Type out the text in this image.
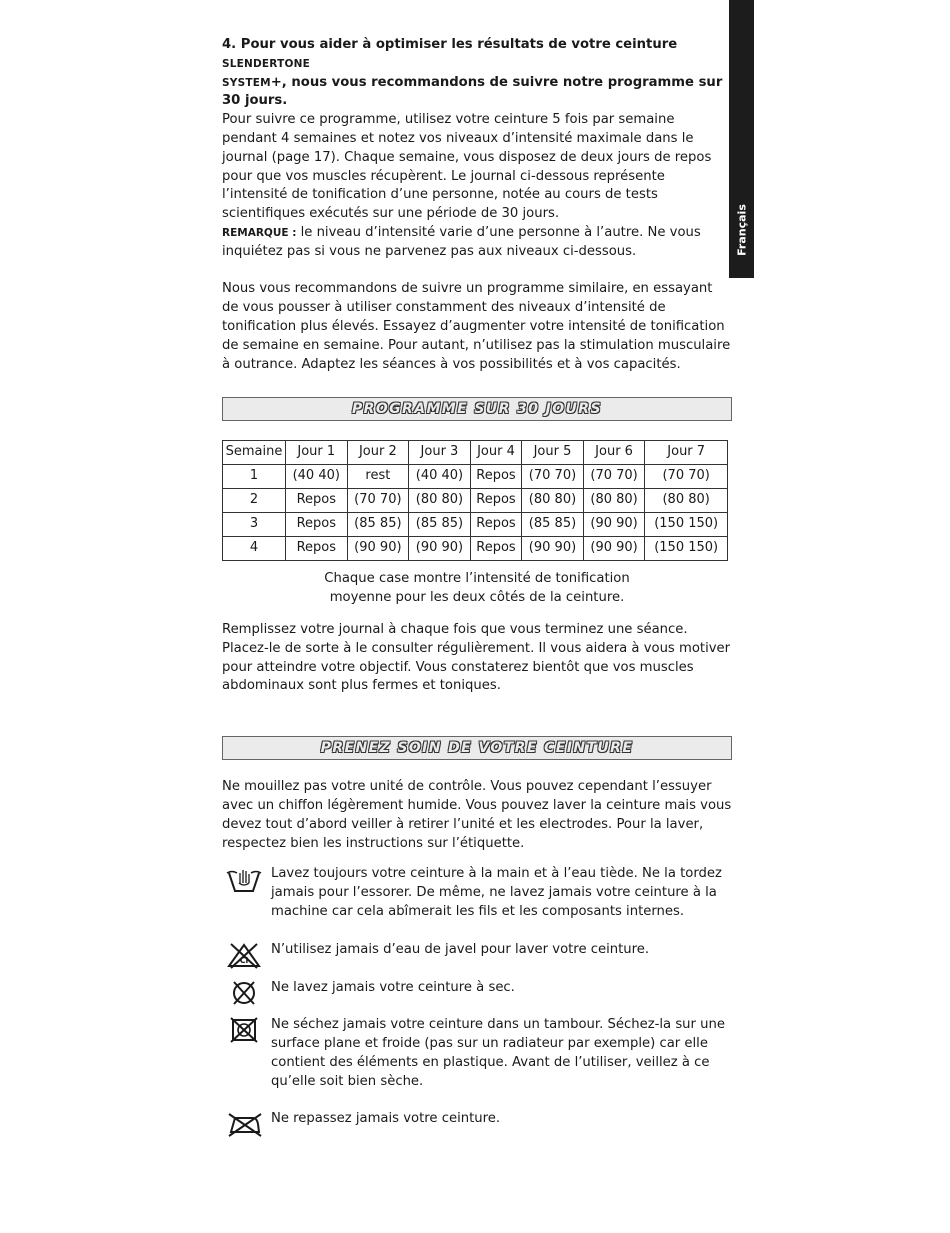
Français

4. Pour vous aider à optimiser les résultats de votre ceinture SLENDERTONE
SYSTEM+, nous vous recommandons de suivre notre programme sur 30 jours.

Pour suivre ce programme, utilisez votre ceinture 5 fois par semaine pendant 4 semaines et notez vos niveaux d’intensité maximale dans le journal (page 17). Chaque semaine, vous disposez de deux jours de repos pour que vos muscles récupèrent. Le journal ci-dessous représente l’intensité de tonification d’une personne, notée au cours de tests scientifiques exécutés sur une période de 30 jours.

REMARQUE : le niveau d’intensité varie d’une personne à l’autre. Ne vous inquiétez pas si vous ne parvenez pas aux niveaux ci-dessous.

Nous vous recommandons de suivre un programme similaire, en essayant de vous pousser à utiliser constamment des niveaux d’intensité de tonification plus élevés. Essayez d’augmenter votre intensité de tonification de semaine en semaine. Pour autant, n’utilisez pas la stimulation musculaire à outrance. Adaptez les séances à vos possibilités et à vos capacités.

PROGRAMME SUR 30 JOURS
Semaine	Jour 1	Jour 2	Jour 3	Jour 4	Jour 5	Jour 6	Jour 7
1	(40 40)	rest	(40 40)	Repos	(70 70)	(70 70)	(70 70)
2	Repos	(70 70)	(80 80)	Repos	(80 80)	(80 80)	(80 80)
3	Repos	(85 85)	(85 85)	Repos	(85 85)	(90 90)	(150 150)
4	Repos	(90 90)	(90 90)	Repos	(90 90)	(90 90)	(150 150)

Chaque case montre l’intensité de tonification
moyenne pour les deux côtés de la ceinture.

Remplissez votre journal à chaque fois que vous terminez une séance. Placez-le de sorte à le consulter régulièrement. Il vous aidera à vous motiver pour atteindre votre objectif. Vous constaterez bientôt que vos muscles abdominaux sont plus fermes et toniques.

PRENEZ SOIN DE VOTRE CEINTURE

Ne mouillez pas votre unité de contrôle. Vous pouvez cependant l’essuyer avec un chiffon légèrement humide. Vous pouvez laver la ceinture mais vous devez tout d’abord veiller à retirer l’unité et les electrodes. Pour la laver, respectez bien les instructions sur l’étiquette.

Lavez toujours votre ceinture à la main et à l’eau tiède. Ne la tordez jamais pour l’essorer. De même, ne lavez jamais votre ceinture à la machine car cela abîmerait les fils et les composants internes.

Cl

N’utilisez jamais d’eau de javel pour laver votre ceinture.

Ne lavez jamais votre ceinture à sec.

Ne séchez jamais votre ceinture dans un tambour. Séchez-la sur une surface plane et froide (pas sur un radiateur par exemple) car elle contient des éléments en plastique. Avant de l’utiliser, veillez à ce qu’elle soit bien sèche.

Ne repassez jamais votre ceinture.
